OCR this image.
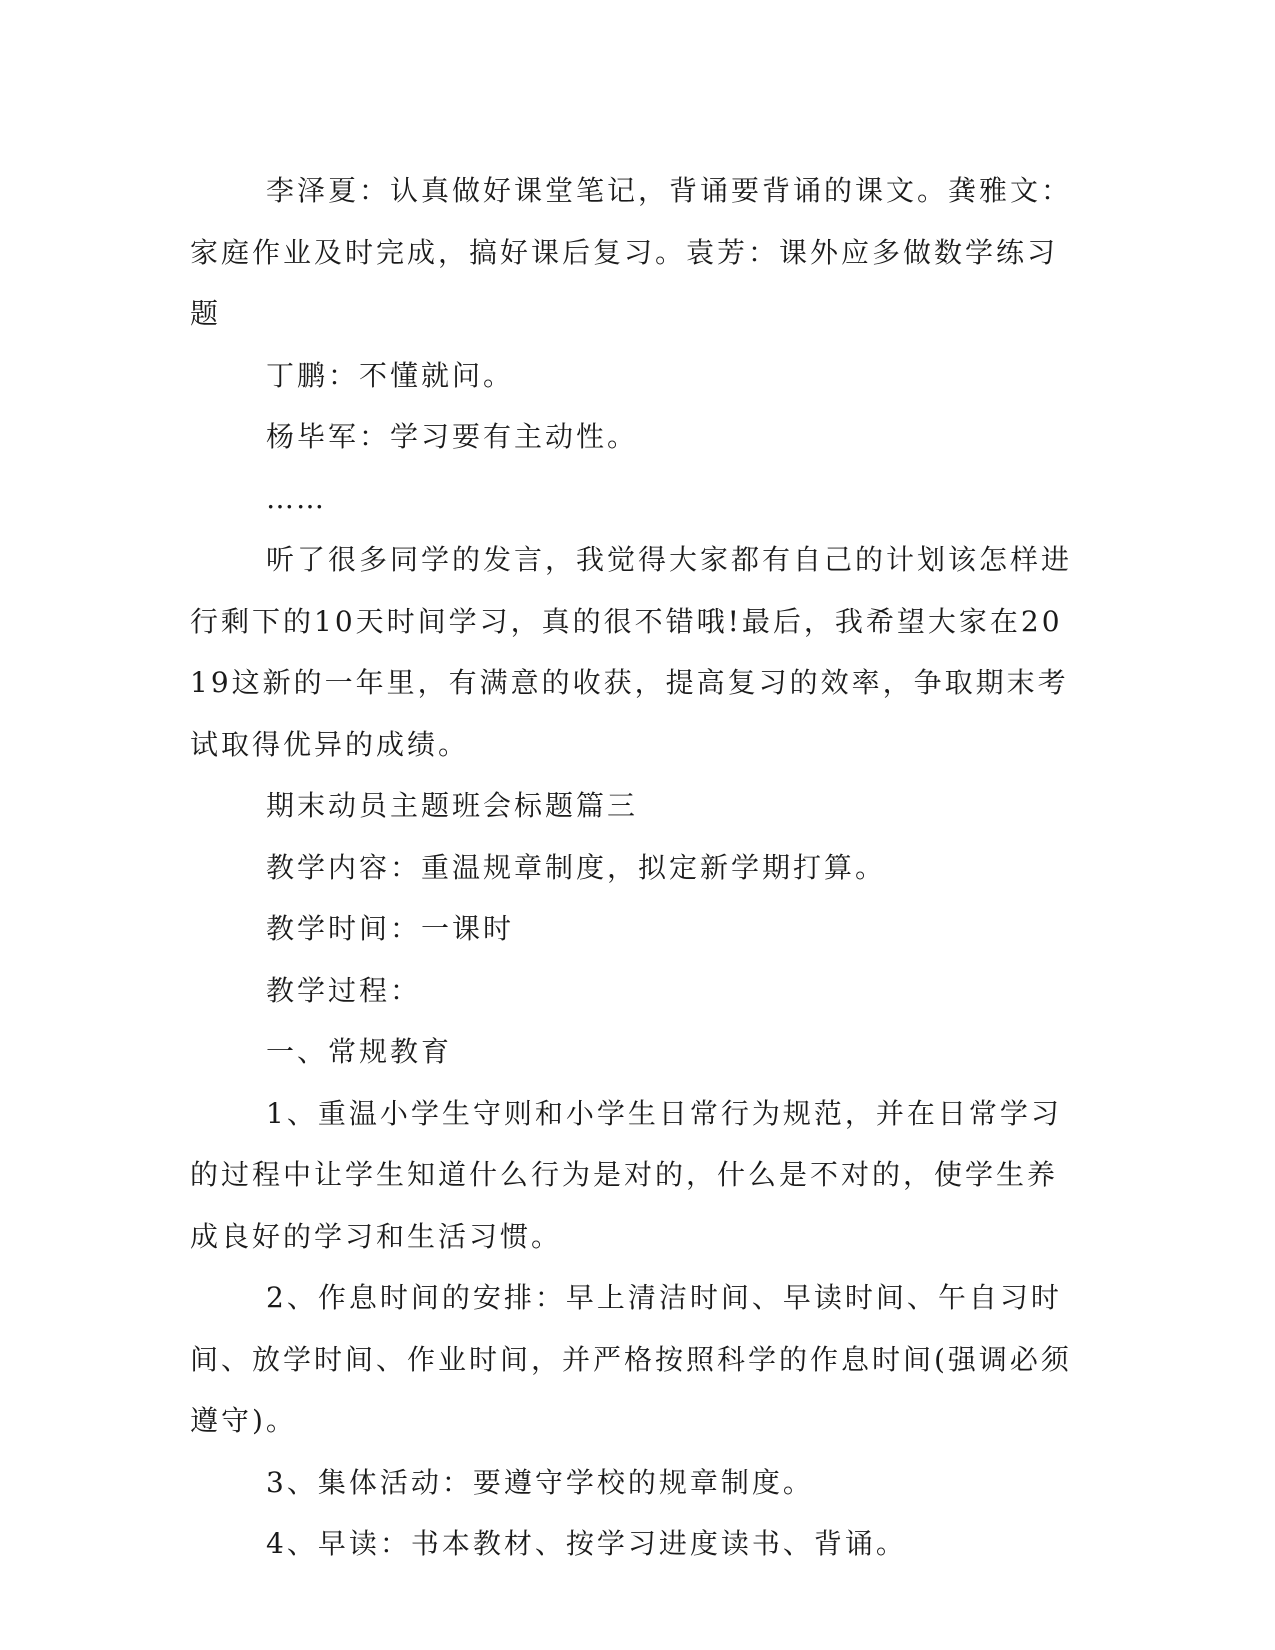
李泽夏：认真做好课堂笔记，背诵要背诵的课文。龚雅文：家庭作业及时完成，搞好课后复习。袁芳：课外应多做数学练习题

丁鹏：不懂就问。

杨毕军：学习要有主动性。

……

听了很多同学的发言，我觉得大家都有自己的计划该怎样进行剩下的10天时间学习，真的很不错哦!最后，我希望大家在2019这新的一年里，有满意的收获，提高复习的效率，争取期末考试取得优异的成绩。

期末动员主题班会标题篇三

教学内容：重温规章制度，拟定新学期打算。

教学时间：一课时

教学过程：

一、常规教育

1、重温小学生守则和小学生日常行为规范，并在日常学习的过程中让学生知道什么行为是对的，什么是不对的，使学生养成良好的学习和生活习惯。

2、作息时间的安排：早上清洁时间、早读时间、午自习时间、放学时间、作业时间，并严格按照科学的作息时间(强调必须遵守)。

3、集体活动：要遵守学校的规章制度。

4、早读：书本教材、按学习进度读书、背诵。
